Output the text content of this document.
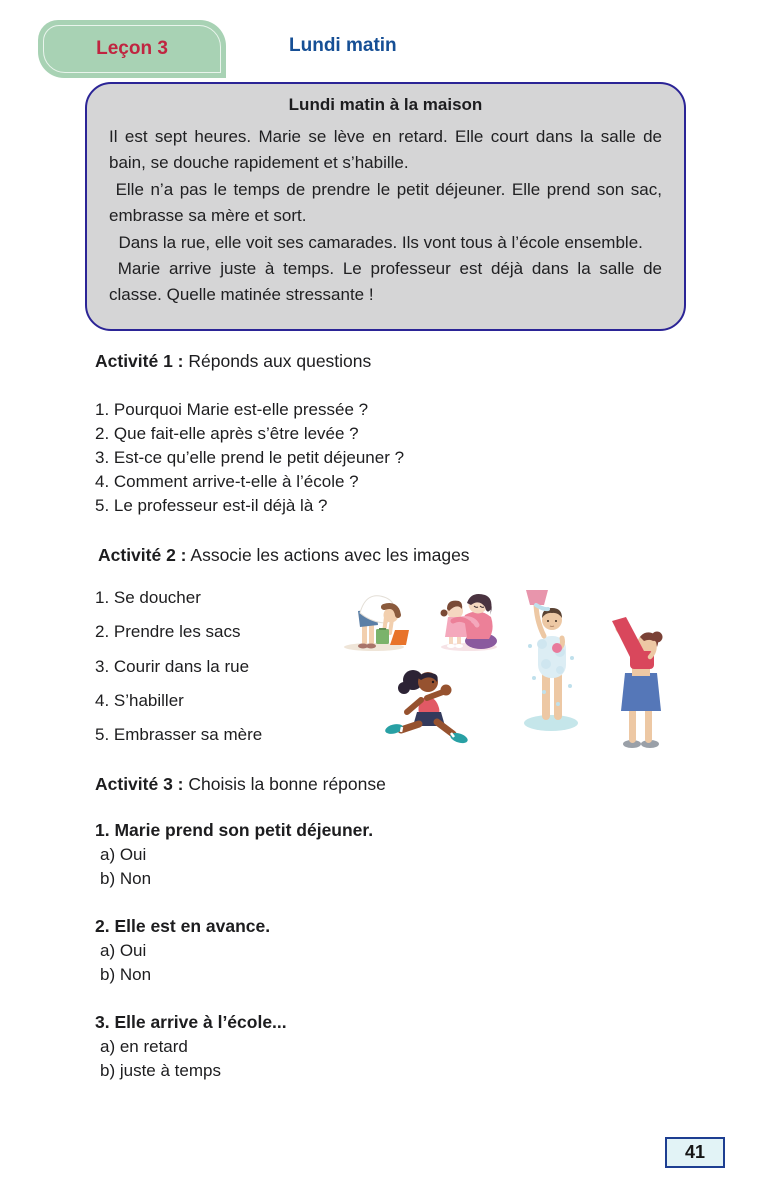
Leçon 3	Lundi matin
Lundi matin à la maison

Il est sept heures. Marie se lève en retard. Elle court dans la salle de bain, se douche rapidement et s’habille.

Elle n’a pas le temps de prendre le petit déjeuner. Elle prend son sac, embrasse sa mère et sort.

Dans la rue, elle voit ses camarades. Ils vont tous à l’école ensemble.

Marie arrive juste à temps. Le professeur est déjà dans la salle de classe. Quelle matinée stressante !

Activité 1 : Réponds aux questions
1. Pourquoi Marie est-elle pressée ?
2. Que fait-elle après s’être levée ?
3. Est-ce qu’elle prend le petit déjeuner ?
4. Comment arrive-t-elle à l’école ?
5. Le professeur est-il déjà là ?
Activité 2 : Associe les actions avec les images
1. Se doucher
2. Prendre les sacs
3. Courir dans la rue
4. S’habiller
5. Embrasser sa mère
Activité 3 : Choisis la bonne réponse
1. Marie prend son petit déjeuner.
a) Oui
b) Non
2. Elle est en avance.
a) Oui
b) Non
3. Elle arrive à l’école...
a) en retard
b) juste à temps
41
